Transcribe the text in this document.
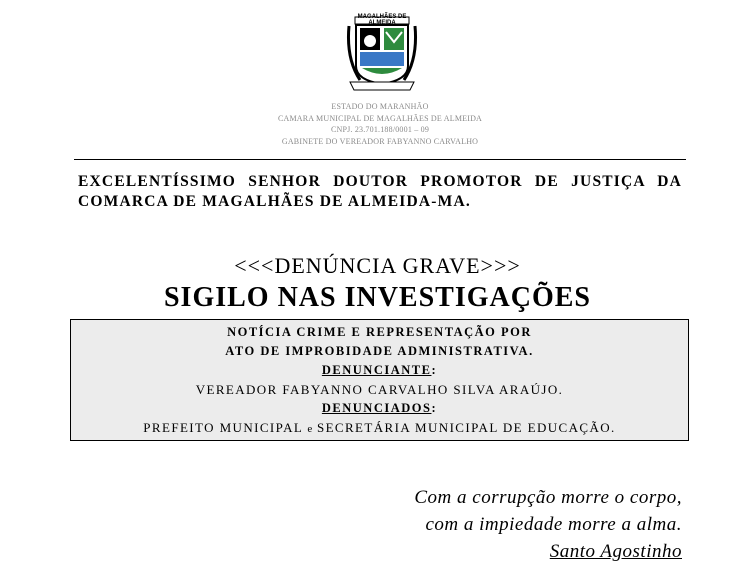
MAGALHÃES DE ALMEIDA
ESTADO DO MARANHÃO
CAMARA MUNICIPAL DE MAGALHÃES DE ALMEIDA
CNPJ. 23.701.188/0001 – 09
GABINETE DO VEREADOR FABYANNO CARVALHO
EXCELENTÍSSIMO SENHOR DOUTOR PROMOTOR DE JUSTIÇA DA COMARCA DE MAGALHÃES DE ALMEIDA-MA.
<<<DENÚNCIA GRAVE>>>
SIGILO NAS INVESTIGAÇÕES
NOTÍCIA CRIME E REPRESENTAÇÃO POR
ATO DE IMPROBIDADE ADMINISTRATIVA.
DENUNCIANTE:
VEREADOR FABYANNO CARVALHO SILVA ARAÚJO.
DENUNCIADOS:
PREFEITO MUNICIPAL e SECRETÁRIA MUNICIPAL DE EDUCAÇÃO.
Com a corrupção morre o corpo,
com a impiedade morre a alma.
Santo Agostinho
